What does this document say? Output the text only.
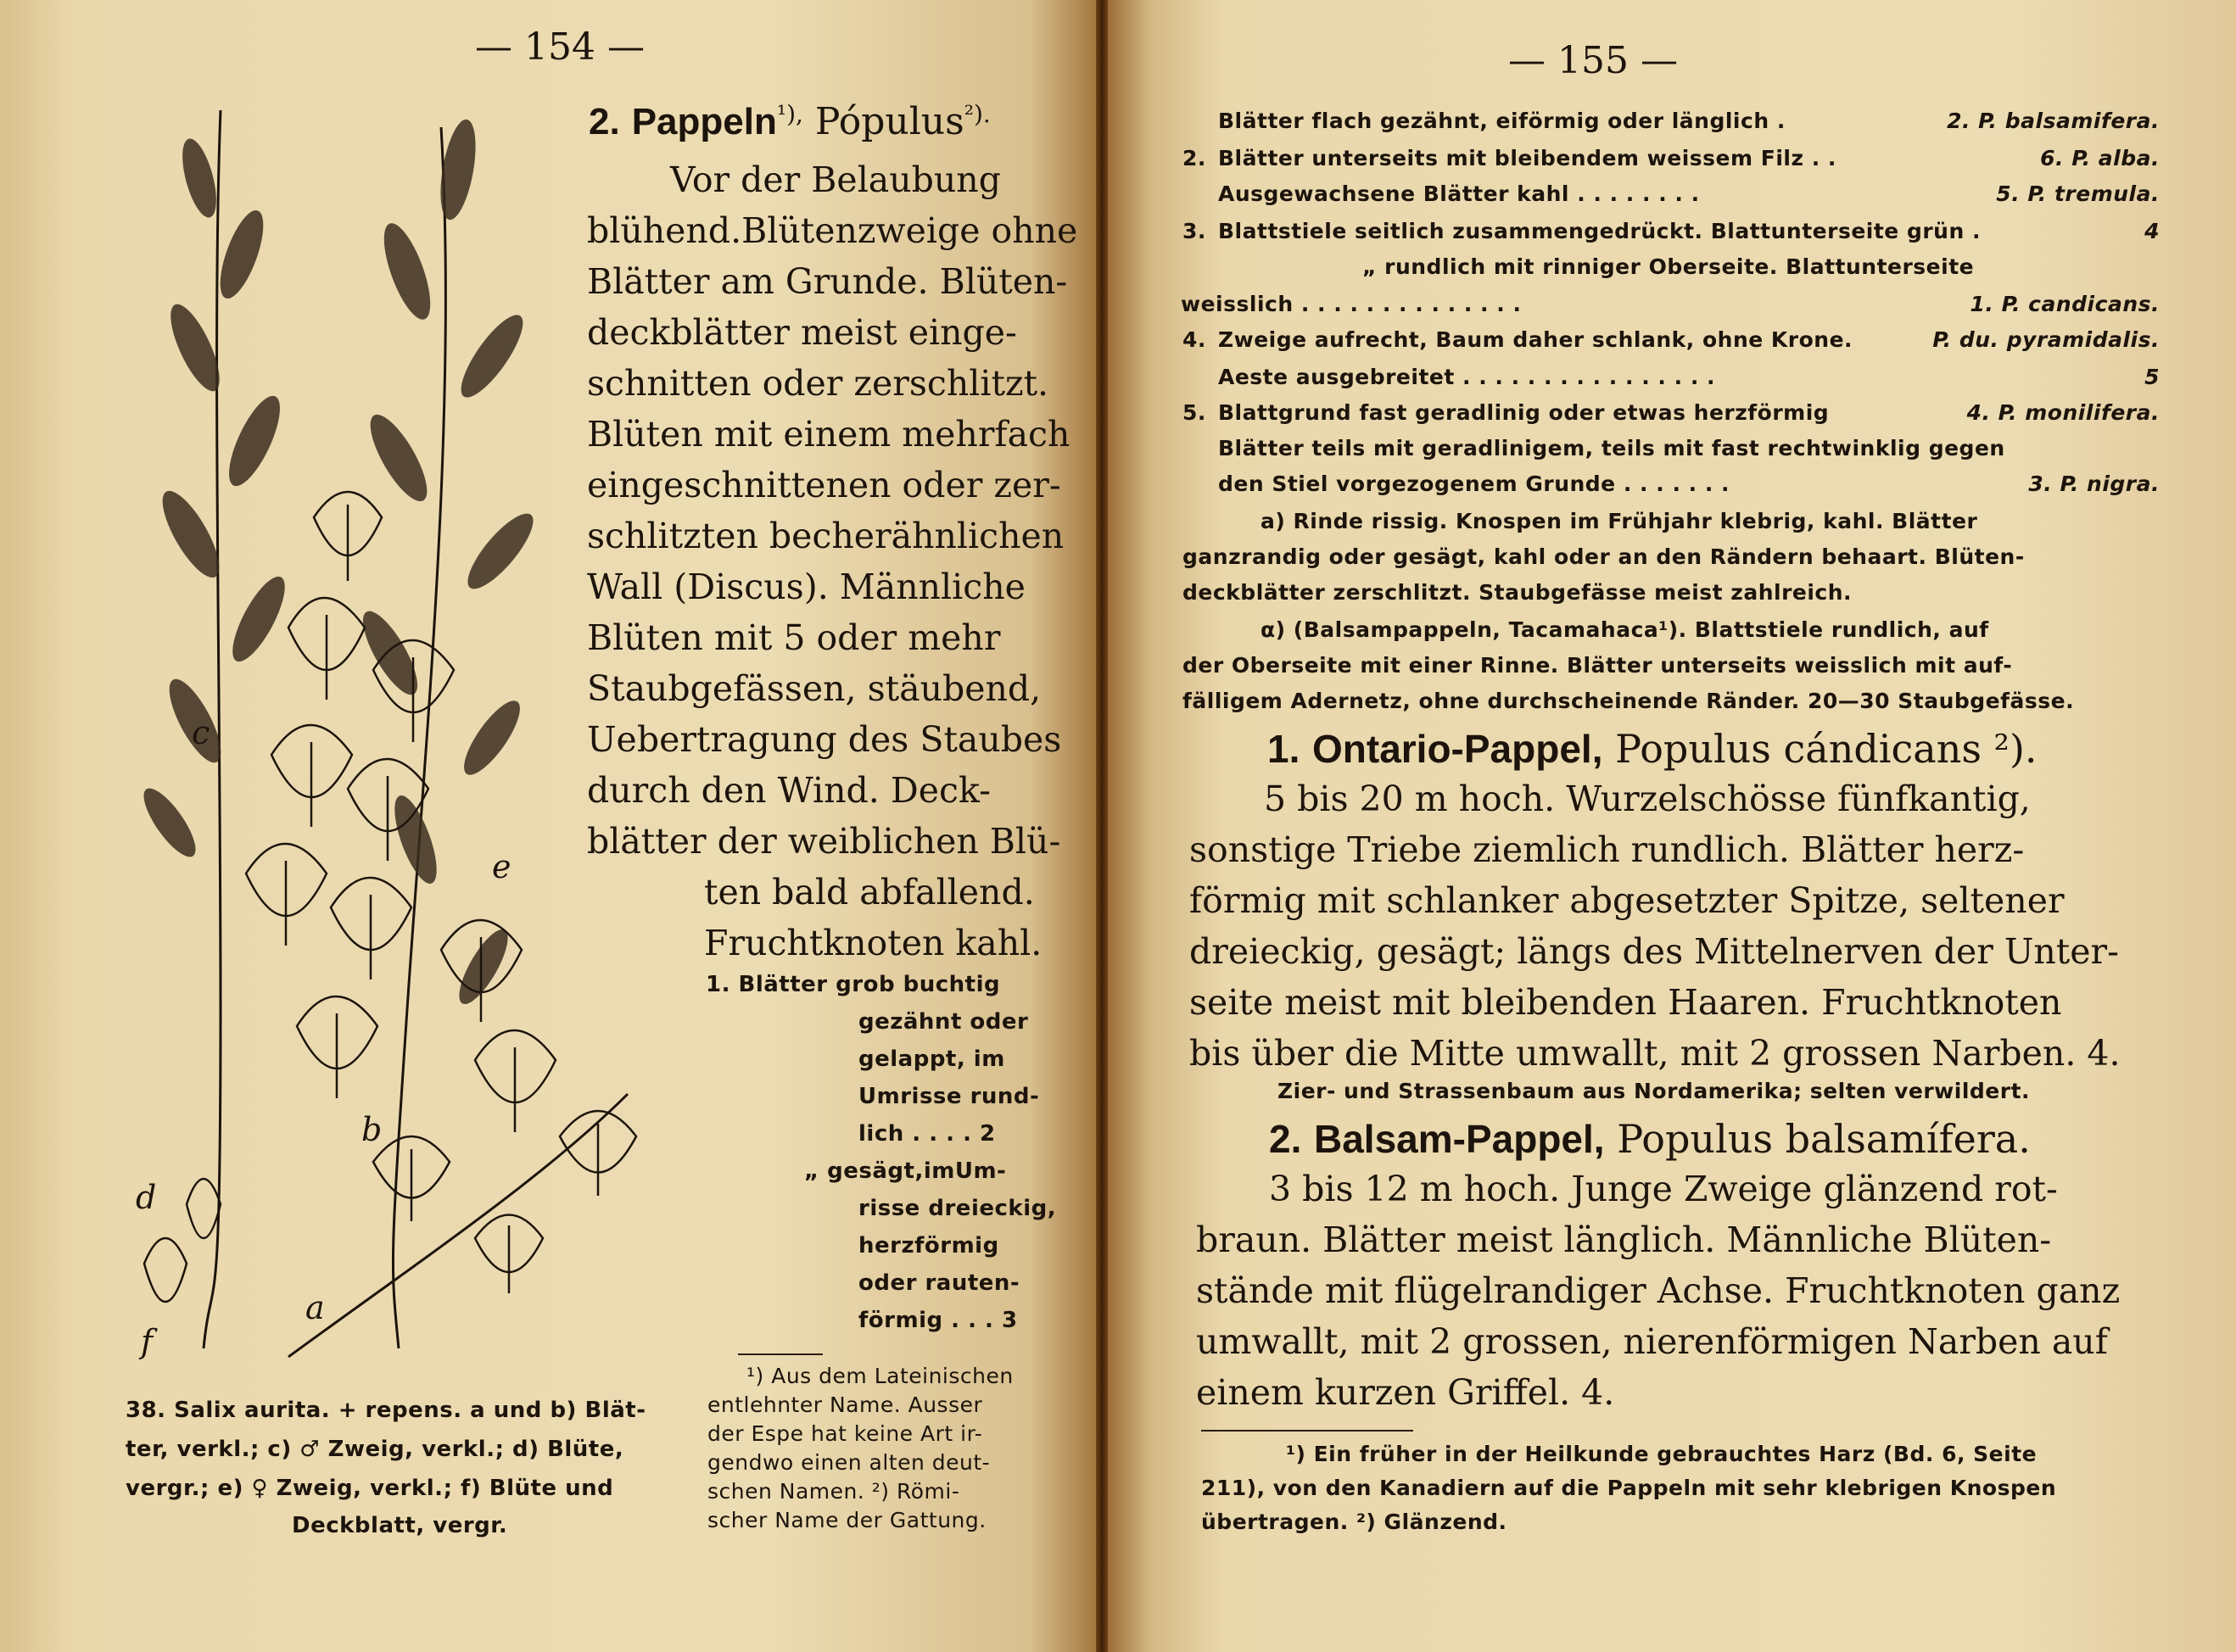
— 154 —
c
e
b
d
a
f
2. Pappeln$^{^1),}$ Pópulus$^{^2).}$
Vor der Belaubung
blühend.Blütenzweige ohne
Blätter am Grunde. Blüten-
deckblätter meist einge-
schnitten oder zerschlitzt.
Blüten mit einem mehrfach
eingeschnittenen oder zer-
schlitzten becherähnlichen
Wall (Discus). Männliche
Blüten mit 5 oder mehr
Staubgefässen, stäubend,
Uebertragung des Staubes
durch den Wind. Deck-
blätter der weiblichen Blü-
ten bald abfallend.
Fruchtknoten kahl.
1. Blätter grob buchtig
gezähnt oder
gelappt, im
Umrisse rund-
lich . . . . 2
„ gesägt,imUm-
risse dreieckig,
herzförmig
oder rauten-
förmig . . . 3
¹) Aus dem Lateinischen
entlehnter Name. Ausser
der Espe hat keine Art ir-
gendwo einen alten deut-
schen Namen. ²) Römi-
scher Name der Gattung.
38. Salix aurita. + repens. a und b) Blät-
ter, verkl.; c) ♂ Zweig, verkl.; d) Blüte,
vergr.; e) ♀ Zweig, verkl.; f) Blüte und
Deckblatt, vergr.
— 155 —
Blätter flach gezähnt, eiförmig oder länglich .	2. P. balsamifera.
2. Blätter unterseits mit bleibendem weissem Filz . .	6. P. alba.
Ausgewachsene Blätter kahl . . . . . . . .	5. P. tremula.
3. Blattstiele seitlich zusammengedrückt. Blattunterseite grün .	4
„ rundlich mit rinniger Oberseite. Blattunterseite
weisslich . . . . . . . . . . . . . .	1. P. candicans.
4. Zweige aufrecht, Baum daher schlank, ohne Krone.	P. du. pyramidalis.
Aeste ausgebreitet . . . . . . . . . . . . . . . .	5
5. Blattgrund fast geradlinig oder etwas herzförmig	4. P. monilifera.
Blätter teils mit geradlinigem, teils mit fast rechtwinklig gegen
den Stiel vorgezogenem Grunde . . . . . . .	3. P. nigra.
a) Rinde rissig. Knospen im Frühjahr klebrig, kahl. Blätter
ganzrandig oder gesägt, kahl oder an den Rändern behaart. Blüten-
deckblätter zerschlitzt. Staubgefässe meist zahlreich.
α) (Balsampappeln, Tacamahaca¹). Blattstiele rundlich, auf
der Oberseite mit einer Rinne. Blätter unterseits weisslich mit auf-
fälligem Adernetz, ohne durchscheinende Ränder. 20—30 Staubgefässe.
1. Ontario-Pappel, Populus cándicans ²).
5 bis 20 m hoch. Wurzelschösse fünfkantig,
sonstige Triebe ziemlich rundlich. Blätter herz-
förmig mit schlanker abgesetzter Spitze, seltener
dreieckig, gesägt; längs des Mittelnerven der Unter-
seite meist mit bleibenden Haaren. Fruchtknoten
bis über die Mitte umwallt, mit 2 grossen Narben. 4.
Zier- und Strassenbaum aus Nordamerika; selten verwildert.
2. Balsam-Pappel, Populus balsamífera.
3 bis 12 m hoch. Junge Zweige glänzend rot-
braun. Blätter meist länglich. Männliche Blüten-
stände mit flügelrandiger Achse. Fruchtknoten ganz
umwallt, mit 2 grossen, nierenförmigen Narben auf
einem kurzen Griffel. 4.
¹) Ein früher in der Heilkunde gebrauchtes Harz (Bd. 6, Seite
211), von den Kanadiern auf die Pappeln mit sehr klebrigen Knospen
übertragen. ²) Glänzend.
